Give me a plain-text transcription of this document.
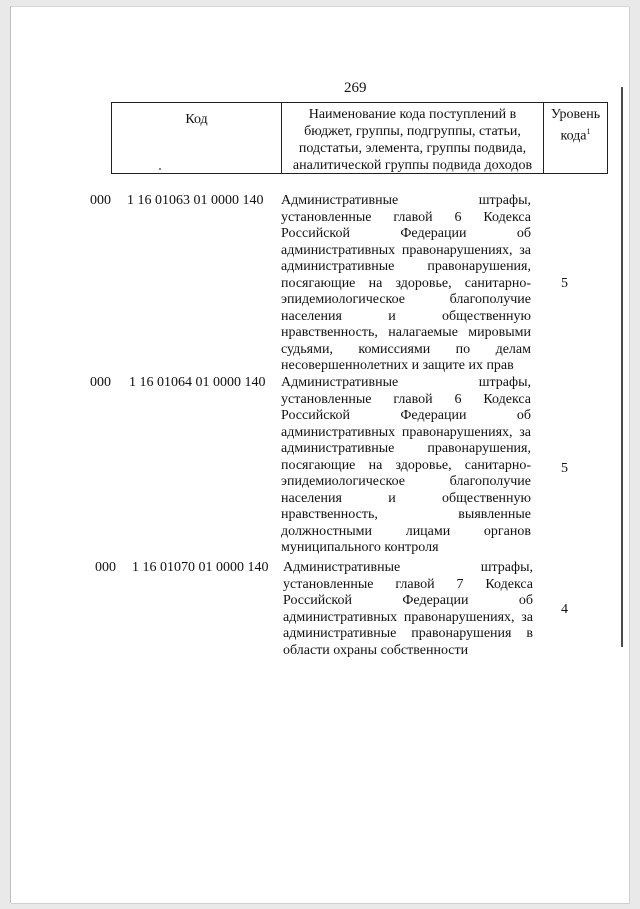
269
Код	Наименование кода поступлений в
бюджет, группы, подгруппы, статьи,
подстатьи, элемента, группы подвида,
аналитической группы подвида доходов
Уровень
кода$^1$
000 1 16 01063 01 0000 140 Административные штрафы,
установленные главой 6 Кодекса
Российской Федерации об
административных правонарушениях, за
административные правонарушения,
посягающие на здоровье, санитарно-
эпидемиологическое благополучие
населения и общественную
нравственность, налагаемые мировыми
судьями, комиссиями по делам
несовершеннолетних и защите их прав
5
000 1 16 01064 01 0000 140 Административные штрафы,
установленные главой 6 Кодекса
Российской Федерации об
административных правонарушениях, за
административные правонарушения,
посягающие на здоровье, санитарно-
эпидемиологическое благополучие
населения и общественную
нравственность, выявленные
должностными лицами органов
муниципального контроля
5
000 1 16 01070 01 0000 140 Административные штрафы,
установленные главой 7 Кодекса
Российской Федерации об
административных правонарушениях, за
административные правонарушения в
области охраны собственности
4
